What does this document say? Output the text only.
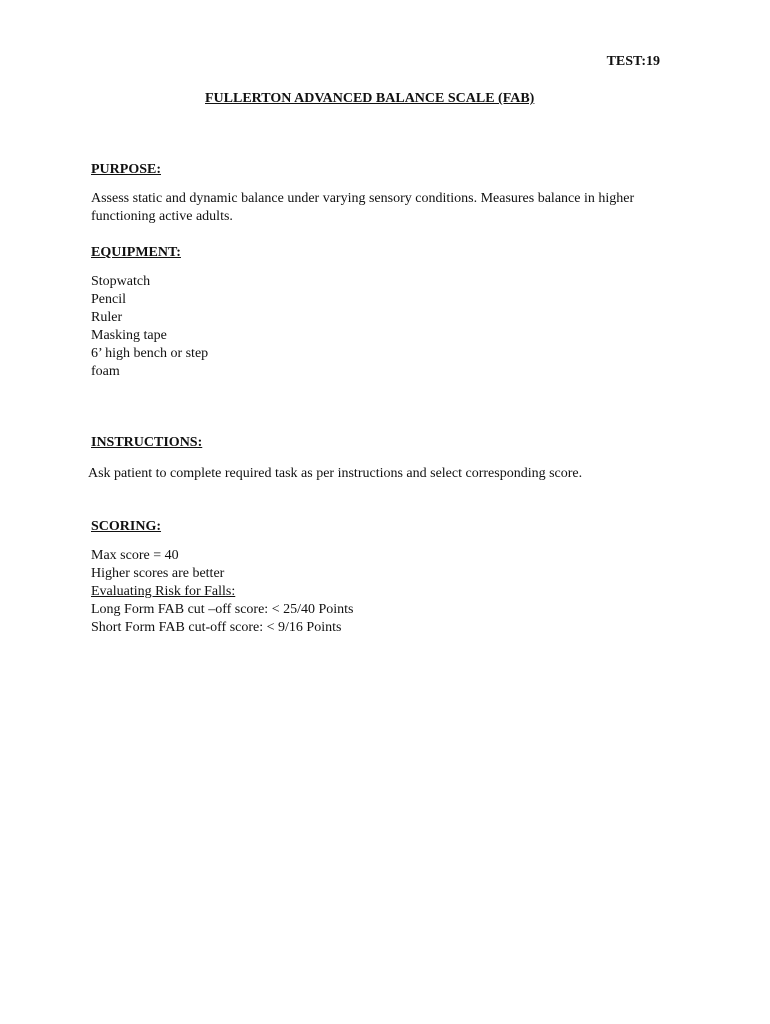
TEST:19
FULLERTON ADVANCED BALANCE SCALE (FAB)
PURPOSE:
Assess static and dynamic balance under varying sensory conditions. Measures balance in higher
functioning active adults.
EQUIPMENT:
Stopwatch
Pencil
Ruler
Masking tape
6’ high bench or step
foam
INSTRUCTIONS:
Ask patient to complete required task as per instructions and select corresponding score.
SCORING:
Max score = 40
Higher scores are better
Evaluating Risk for Falls:
Long Form FAB cut –off score: < 25/40 Points
Short Form FAB cut-off score: < 9/16 Points
